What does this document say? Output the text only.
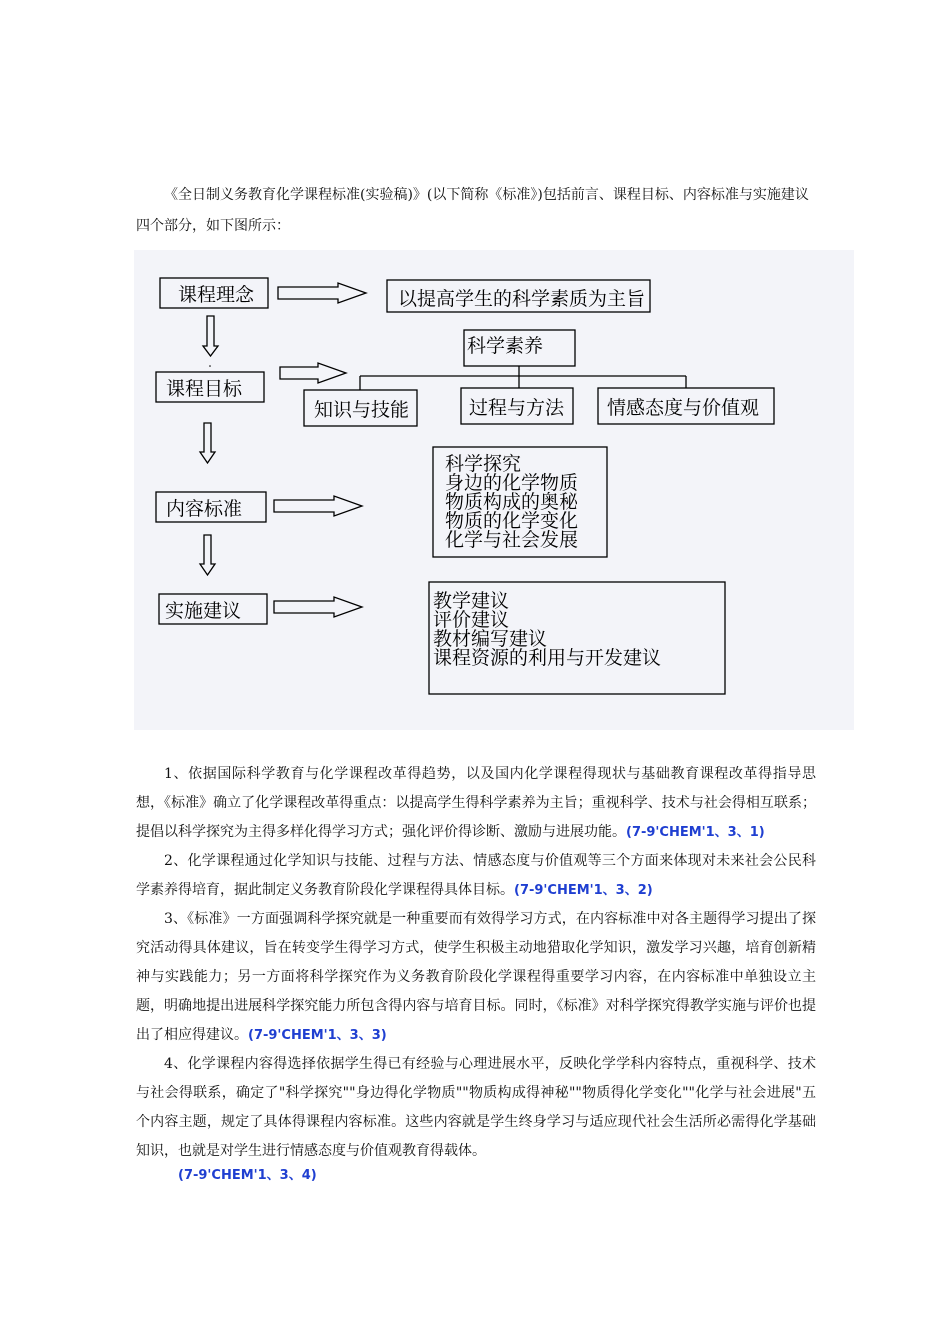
《全日制义务教育化学课程标准(实验稿)》(以下简称《标准》)包括前言、课程目标、内容标准与实施建议四个部分，如下图所示：

课程理念
课程目标
内容标准
实施建议
以提高学生的科学素质为主旨
科学素养
知识与技能	过程与方法 情感态度与价值观
科学探究
身边的化学物质
物质构成的奥秘
物质的化学变化
化学与社会发展
教学建议
评价建议
教材编写建议
课程资源的利用与开发建议

1、依据国际科学教育与化学课程改革得趋势，以及国内化学课程得现状与基础教育课程改革得指导思想，《标准》确立了化学课程改革得重点：以提高学生得科学素养为主旨；重视科学、技术与社会得相互联系；提倡以科学探究为主得多样化得学习方式；强化评价得诊断、激励与进展功能。(7-9'CHEM'1、3、1)

2、化学课程通过化学知识与技能、过程与方法、情感态度与价值观等三个方面来体现对未来社会公民科学素养得培育，据此制定义务教育阶段化学课程得具体目标。(7-9'CHEM'1、3、2)

3、《标准》一方面强调科学探究就是一种重要而有效得学习方式，在内容标准中对各主题得学习提出了探究活动得具体建议，旨在转变学生得学习方式，使学生积极主动地猎取化学知识，激发学习兴趣，培育创新精神与实践能力；另一方面将科学探究作为义务教育阶段化学课程得重要学习内容，在内容标准中单独设立主题，明确地提出进展科学探究能力所包含得内容与培育目标。同时，《标准》对科学探究得教学实施与评价也提出了相应得建议。(7-9'CHEM'1、3、3)

4、化学课程内容得选择依据学生得已有经验与心理进展水平，反映化学学科内容特点，重视科学、技术与社会得联系，确定了"科学探究""身边得化学物质""物质构成得神秘""物质得化学变化""化学与社会进展"五个内容主题，规定了具体得课程内容标准。这些内容就是学生终身学习与适应现代社会生活所必需得化学基础知识，也就是对学生进行情感态度与价值观教育得载体。

(7-9'CHEM'1、3、4)
